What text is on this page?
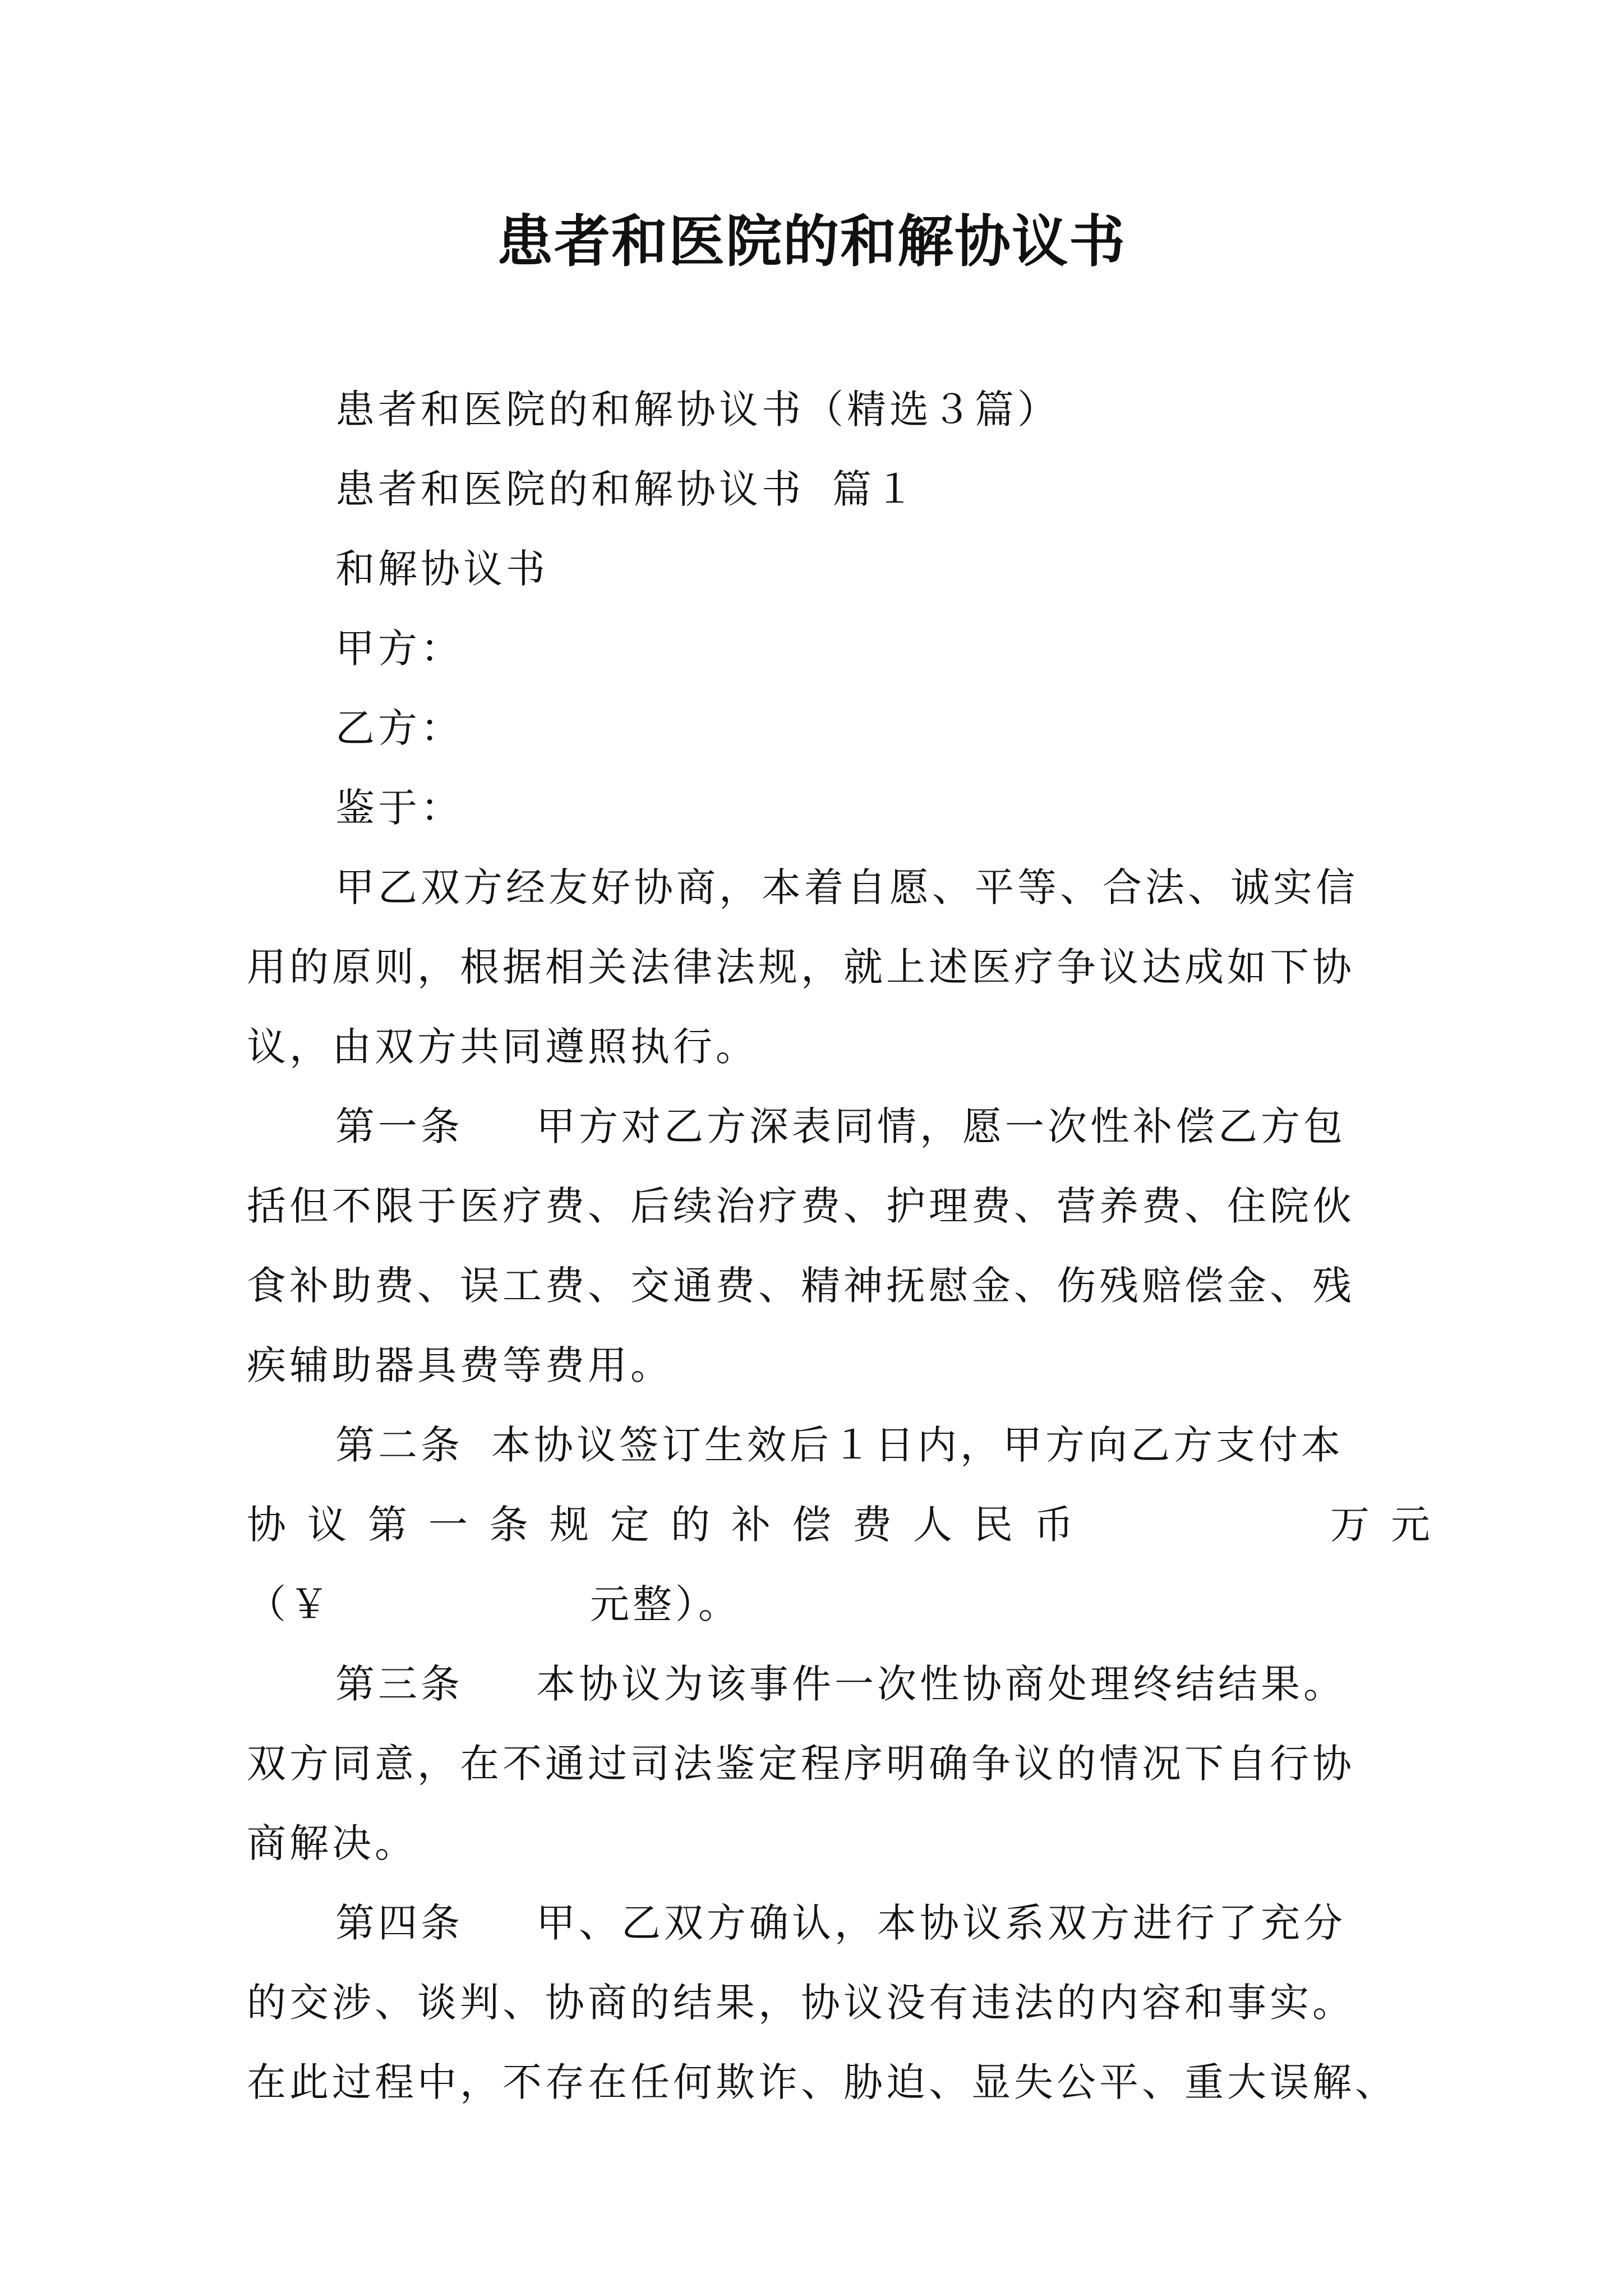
患者和医院的和解协议书
患者和医院的和解协议书（精选３篇）
患者和医院的和解协议书 篇１
和解协议书
甲方：
乙方：
鉴于：
甲乙双方经友好协商，本着自愿、平等、合法、诚实信
用的原则，根据相关法律法规，就上述医疗争议达成如下协
议，由双方共同遵照执行。
第一条 甲方对乙方深表同情，愿一次性补偿乙方包
括但不限于医疗费、后续治疗费、护理费、营养费、住院伙
食补助费、误工费、交通费、精神抚慰金、伤残赔偿金、残
疾辅助器具费等费用。
第二条 本协议签订生效后１日内，甲方向乙方支付本
协议第一条规定的补偿费人民币	万元
（￥	元整）。
第三条 本协议为该事件一次性协商处理终结结果。
双方同意，在不通过司法鉴定程序明确争议的情况下自行协
商解决。
第四条 甲、乙双方确认，本协议系双方进行了充分
的交涉、谈判、协商的结果，协议没有违法的内容和事实。
在此过程中，不存在任何欺诈、胁迫、显失公平、重大误解、
